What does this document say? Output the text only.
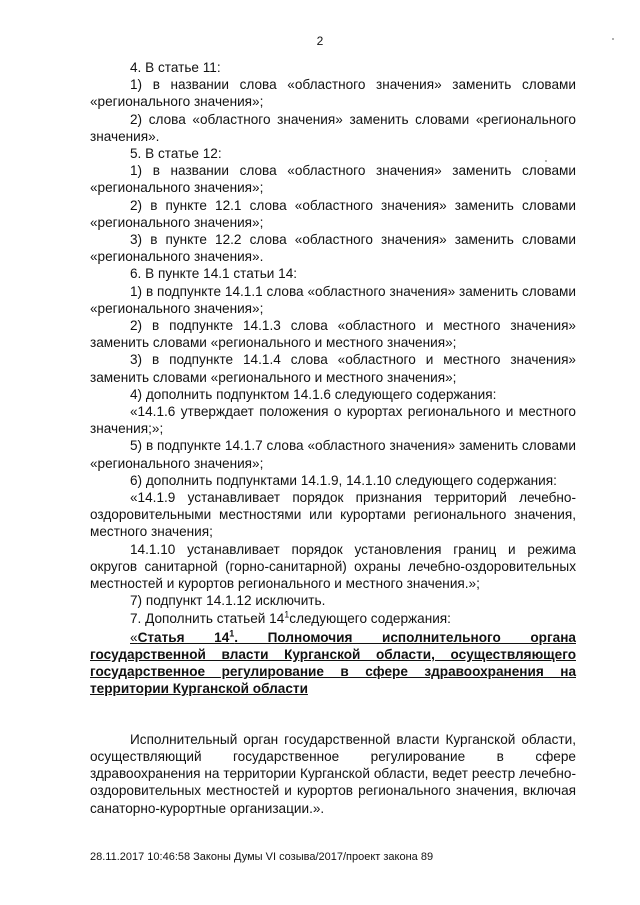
2

4. В статье 11:

1) в названии слова «областного значения» заменить словами «регионального значения»;

2) слова «областного значения» заменить словами «регионального значения».

5. В статье 12:

1) в названии слова «областного значения» заменить словами «регионального значения»;

2) в пункте 12.1 слова «областного значения» заменить словами «регионального значения»;

3) в пункте 12.2 слова «областного значения» заменить словами «регионального значения».

6. В пункте 14.1 статьи 14:

1) в подпункте 14.1.1 слова «областного значения» заменить словами «регионального значения»;

2) в подпункте 14.1.3 слова «областного и местного значения» заменить словами «регионального и местного значения»;

3) в подпункте 14.1.4 слова «областного и местного значения» заменить словами «регионального и местного значения»;

4) дополнить подпунктом 14.1.6 следующего содержания:

«14.1.6 утверждает положения о курортах регионального и местного значения;»;

5) в подпункте 14.1.7 слова «областного значения» заменить словами «регионального значения»;

6) дополнить подпунктами 14.1.9, 14.1.10 следующего содержания:

«14.1.9 устанавливает порядок признания территорий лечебно-оздоровительными местностями или курортами регионального значения, местного значения;

14.1.10 устанавливает порядок установления границ и режима округов санитарной (горно-санитарной) охраны лечебно-оздоровительных местностей и курортов регионального и местного значения.»;

7) подпункт 14.1.12 исключить.

7. Дополнить статьей $14^1следующего$ содержания:

«Статья $14^1$. Полномочия исполнительного органа государственной власти Курганской области, осуществляющего государственное регулирование в сфере здравоохранения на территории Курганской области

Исполнительный орган государственной власти Курганской области, осуществляющий государственное регулирование в сфере здравоохранения на территории Курганской области, ведет реестр лечебно-оздоровительных местностей и курортов регионального значения, включая санаторно-курортные организации.».

28.11.2017 10:46:58 Законы Думы VI созыва/2017/проект закона 89
